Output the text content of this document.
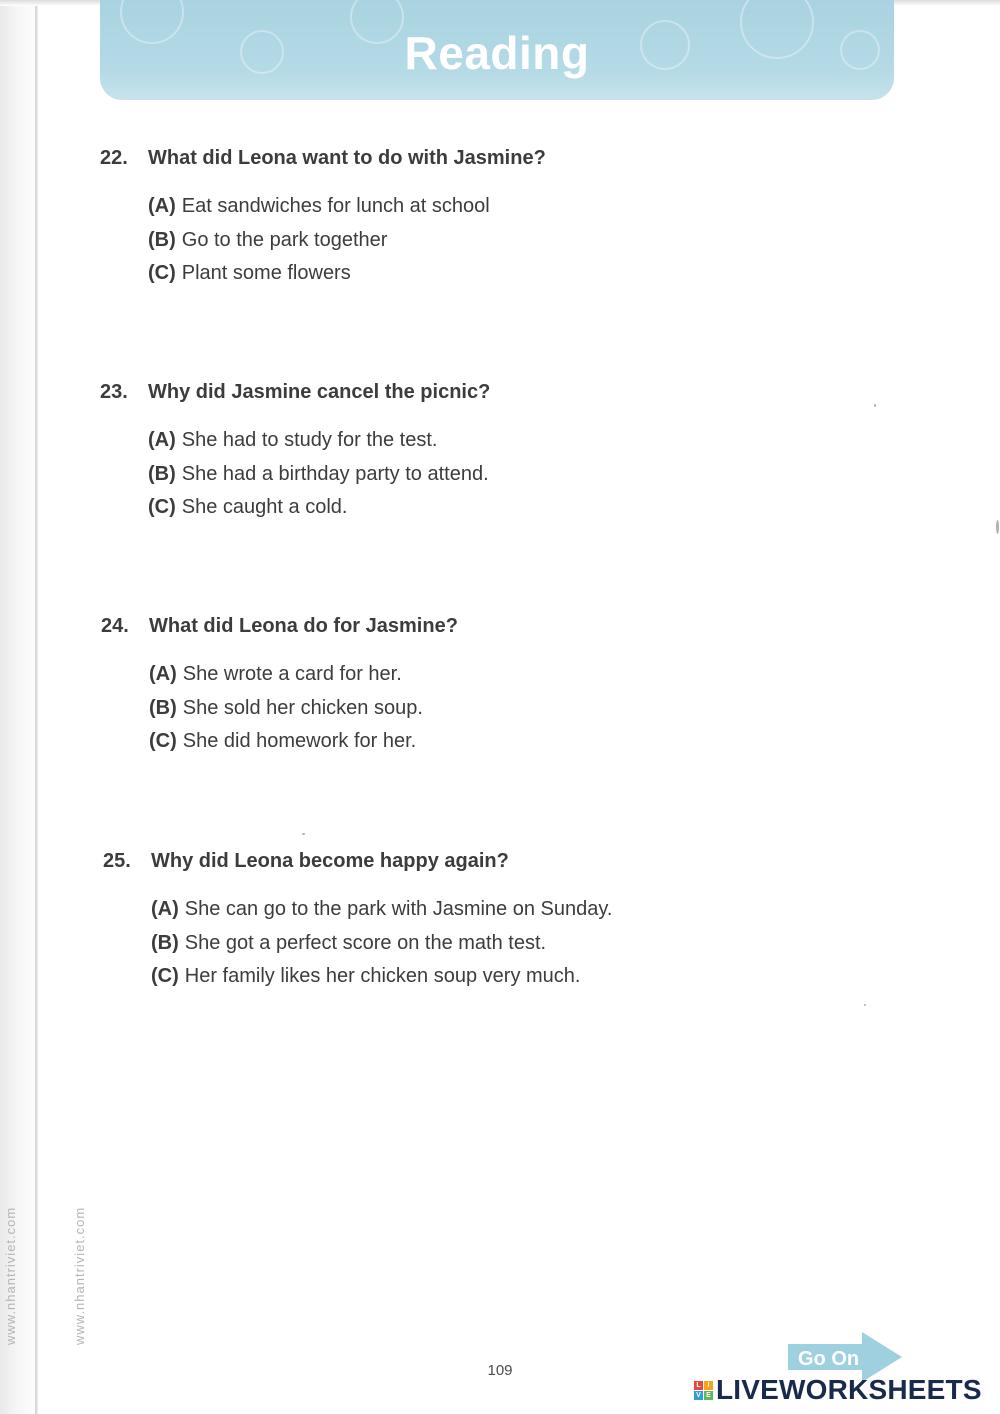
Reading
22. What did Leona want to do with Jasmine?
(A) Eat sandwiches for lunch at school
(B) Go to the park together
(C) Plant some flowers
23. Why did Jasmine cancel the picnic?
(A) She had to study for the test.
(B) She had a birthday party to attend.
(C) She caught a cold.
24. What did Leona do for Jasmine?
(A) She wrote a card for her.
(B) She sold her chicken soup.
(C) She did homework for her.
25. Why did Leona become happy again?
(A) She can go to the park with Jasmine on Sunday.
(B) She got a perfect score on the math test.
(C) Her family likes her chicken soup very much.
www.nhantriviet.com	www.nhantriviet.com
109
Go On
L I
V E LIVEWORKSHEETS
